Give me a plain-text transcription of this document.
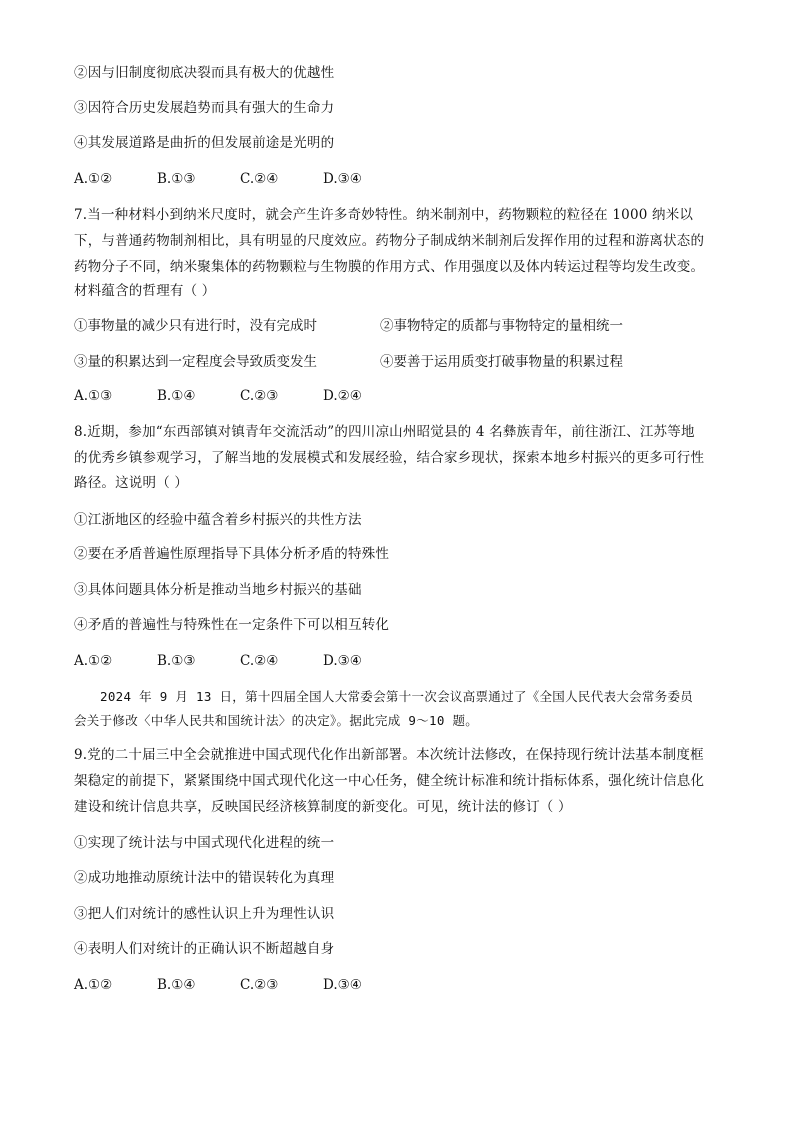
②因与旧制度彻底决裂而具有极大的优越性
③因符合历史发展趋势而具有强大的生命力
④其发展道路是曲折的但发展前途是光明的
A.①②	B.①③	C.②④	D.③④
7.当一种材料小到纳米尺度时，就会产生许多奇妙特性。纳米制剂中，药物颗粒的粒径在 1000 纳米以
下，与普通药物制剂相比，具有明显的尺度效应。药物分子制成纳米制剂后发挥作用的过程和游离状态的
药物分子不同，纳米聚集体的药物颗粒与生物膜的作用方式、作用强度以及体内转运过程等均发生改变。
材料蕴含的哲理有（ ）
①事物量的减少只有进行时，没有完成时	②事物特定的质都与事物特定的量相统一
③量的积累达到一定程度会导致质变发生	④要善于运用质变打破事物量的积累过程
A.①③	B.①④	C.②③	D.②④
8.近期，参加“东西部镇对镇青年交流活动”的四川凉山州昭觉县的 4 名彝族青年，前往浙江、江苏等地
的优秀乡镇参观学习，了解当地的发展模式和发展经验，结合家乡现状，探索本地乡村振兴的更多可行性
路径。这说明（ ）
①江浙地区的经验中蕴含着乡村振兴的共性方法
②要在矛盾普遍性原理指导下具体分析矛盾的特殊性
③具体问题具体分析是推动当地乡村振兴的基础
④矛盾的普遍性与特殊性在一定条件下可以相互转化
A.①②	B.①③	C.②④	D.③④
2024 年 9 月 13 日，第十四届全国人大常委会第十一次会议高票通过了《全国人民代表大会常务委员
会关于修改〈中华人民共和国统计法〉的决定》。据此完成 9～10 题。
9.党的二十届三中全会就推进中国式现代化作出新部署。本次统计法修改，在保持现行统计法基本制度框
架稳定的前提下，紧紧围绕中国式现代化这一中心任务，健全统计标准和统计指标体系，强化统计信息化
建设和统计信息共享，反映国民经济核算制度的新变化。可见，统计法的修订（ ）
①实现了统计法与中国式现代化进程的统一
②成功地推动原统计法中的错误转化为真理
③把人们对统计的感性认识上升为理性认识
④表明人们对统计的正确认识不断超越自身
A.①②	B.①④	C.②③	D.③④
